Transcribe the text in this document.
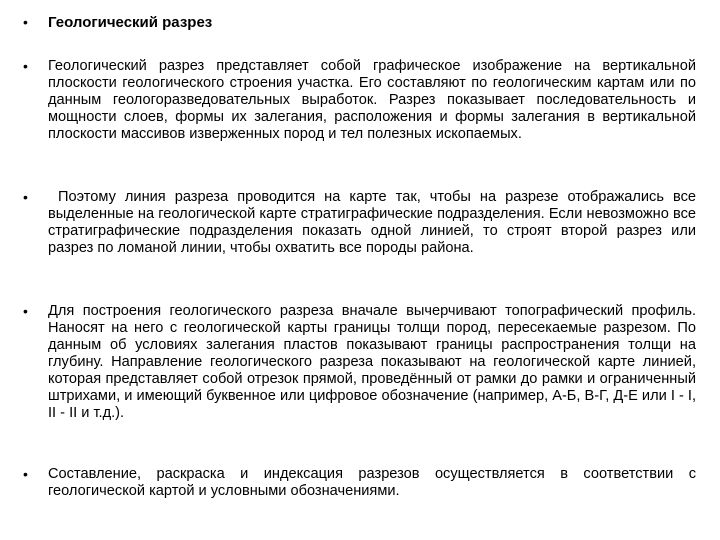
• Геологический разрез
• Геологический разрез представляет собой графическое изображение на вертикальной плоскости геологического строения участка. Его составляют по геологическим картам или по данным геологоразведовательных выработок. Разрез показывает последовательность и мощности слоев, формы их залегания, расположения и формы залегания в вертикальной плоскости массивов изверженных пород и тел полезных ископаемых.
•	Поэтому линия разреза проводится на карте так, чтобы на разрезе отображались все выделенные на геологической карте стратиграфические подразделения. Если невозможно все стратиграфические подразделения показать одной линией, то строят второй разрез или разрез по ломаной линии, чтобы охватить все породы района.
• Для построения геологического разреза вначале вычерчивают топографический профиль. Наносят на него с геологической карты границы толщи пород, пересекаемые разрезом. По данным об условиях залегания пластов показывают границы распространения толщи на глубину. Направление геологического разреза показывают на геологической карте линией, которая представляет собой отрезок прямой, проведённый от рамки до рамки и ограниченный штрихами, и имеющий буквенное или цифровое обозначение (например, А-Б, В-Г, Д-Е или I - I, II - II и т.д.).
• Составление, раскраска и индексация разрезов осуществляется в соответствии с геологической картой и условными обозначениями.
